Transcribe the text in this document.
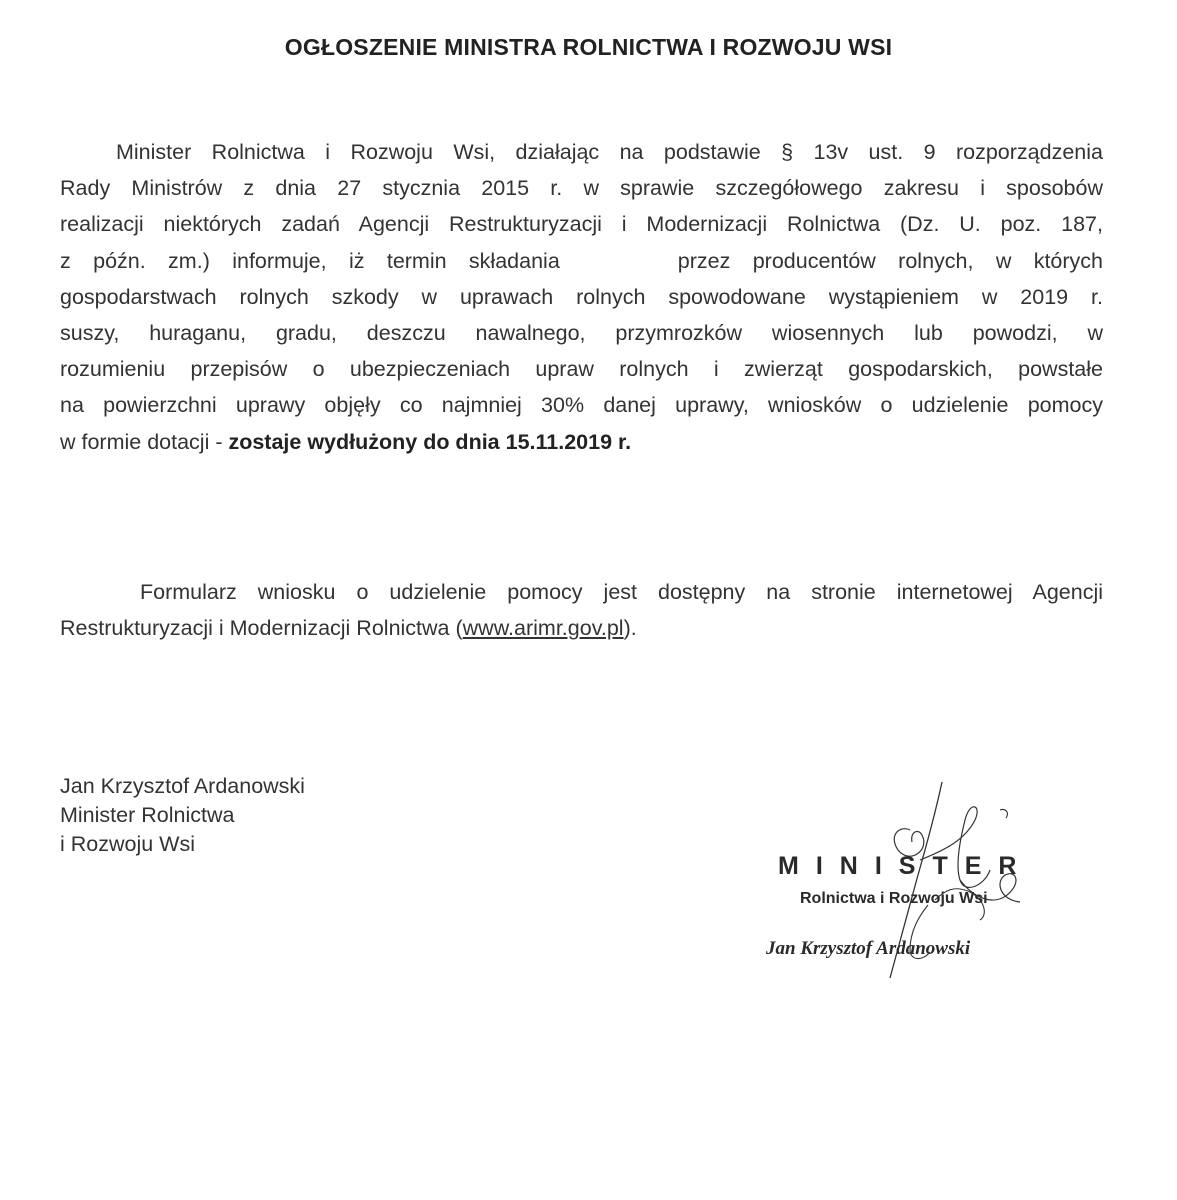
OGŁOSZENIE MINISTRA ROLNICTWA I ROZWOJU WSI
Minister Rolnictwa i Rozwoju Wsi, działając na podstawie § 13v ust. 9 rozporządzenia
Rady Ministrów z dnia 27 stycznia 2015 r. w sprawie szczegółowego zakresu i sposobów
realizacji niektórych zadań Agencji Restrukturyzacji i Modernizacji Rolnictwa (Dz. U. poz. 187,
z późn. zm.) informuje, iż termin składania	przez producentów rolnych, w których
gospodarstwach rolnych szkody w uprawach rolnych spowodowane wystąpieniem w 2019 r.
suszy, huraganu, gradu, deszczu nawalnego, przymrozków wiosennych lub powodzi, w
rozumieniu przepisów o ubezpieczeniach upraw rolnych i zwierząt gospodarskich, powstałe
na powierzchni uprawy objęły co najmniej 30% danej uprawy, wniosków o udzielenie pomocy
w formie dotacji - zostaje wydłużony do dnia 15.11.2019 r.
Formularz wniosku o udzielenie pomocy jest dostępny na stronie internetowej Agencji
Restrukturyzacji i Modernizacji Rolnictwa (www.arimr.gov.pl).
Jan Krzysztof Ardanowski
Minister Rolnictwa
i Rozwoju Wsi
MINISTER
Rolnictwa i Rozwoju Wsi
Jan Krzysztof Ardanowski
